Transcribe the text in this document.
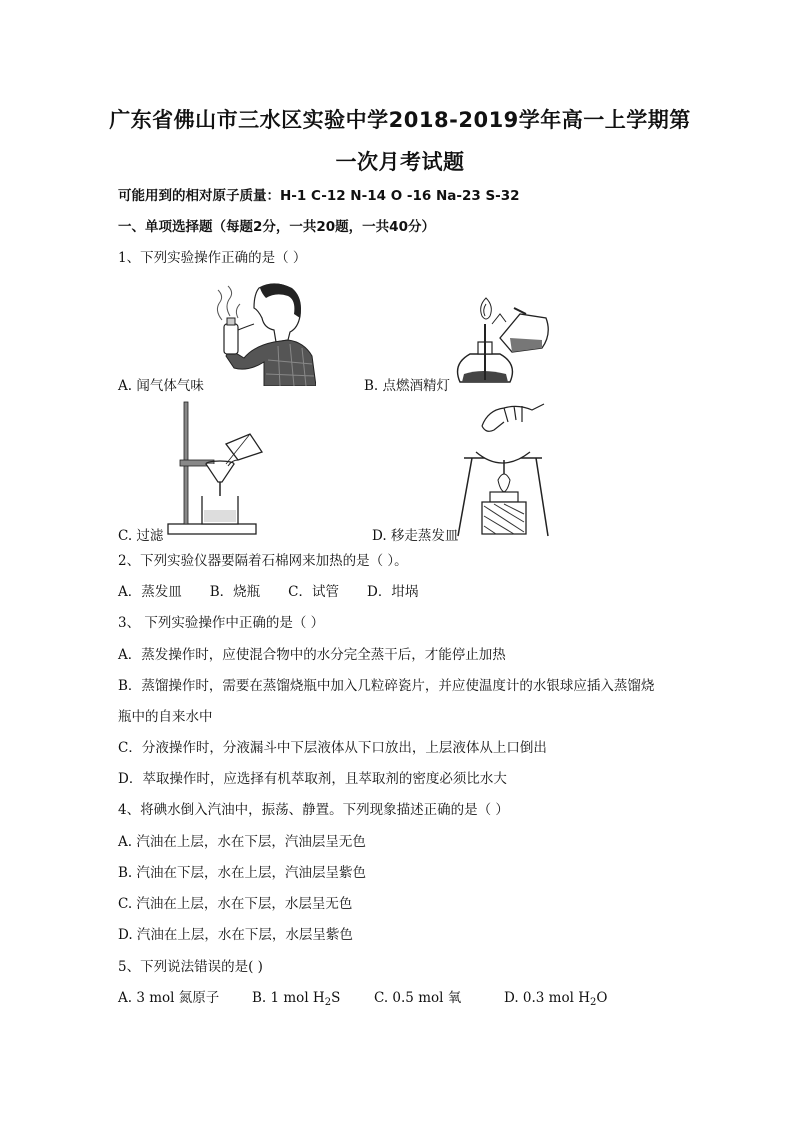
广东省佛山市三水区实验中学2018-2019学年高一上学期第
一次月考试题
可能用到的相对原子质量：H-1 C-12 N-14 O -16 Na-23 S-32
一、单项选择题（每题2分，一共20题，一共40分）
1、下列实验操作正确的是（ ）
A. 闻气体气味	B. 点燃酒精灯
C. 过滤	D. 移走蒸发皿
2、下列实验仪器要隔着石棉网来加热的是（ ）。
A．蒸发皿 B．烧瓶 C．试管 D．坩埚
3、 下列实验操作中正确的是（ ）
A．蒸发操作时，应使混合物中的水分完全蒸干后，才能停止加热
B．蒸馏操作时，需要在蒸馏烧瓶中加入几粒碎瓷片，并应使温度计的水银球应插入蒸馏烧
瓶中的自来水中
C．分液操作时，分液漏斗中下层液体从下口放出，上层液体从上口倒出
D．萃取操作时，应选择有机萃取剂，且萃取剂的密度必须比水大
4、将碘水倒入汽油中，振荡、静置。下列现象描述正确的是（ ）
A. 汽油在上层，水在下层，汽油层呈无色
B. 汽油在下层，水在上层，汽油层呈紫色
C. 汽油在上层，水在下层，水层呈无色
D. 汽油在上层，水在下层，水层呈紫色
5、下列说法错误的是( )
A. 3 mol 氮原子 B. 1 mol $H_2S$ C. 0.5 mol 氧	D. 0.3 mol $H_2O$
